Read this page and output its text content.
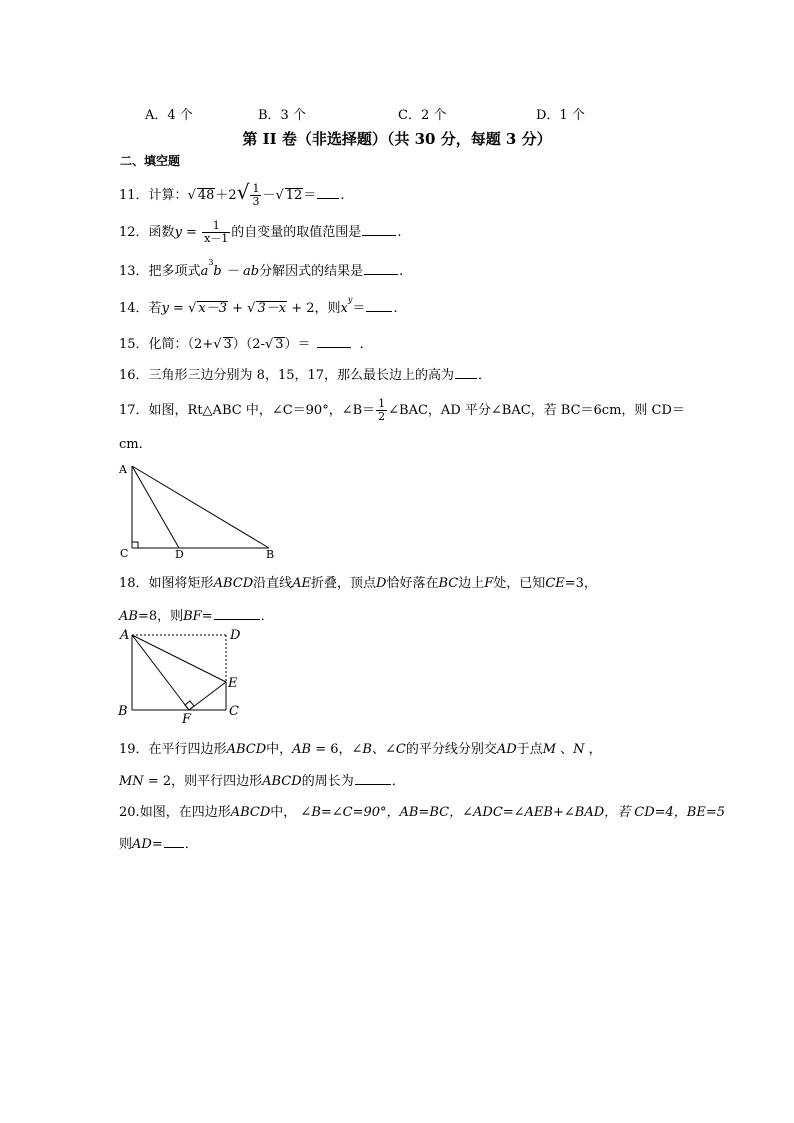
A．4 个	B．3 个	C．2 个	D．1 个
第 II 卷（非选择题）（共 30 分，每题 3 分）
二、填空题
11．计算：√ $48+2√ \frac{1}{3}$ －√ 12＝ .
12．函数$y = \frac{1}{x-1}$ 的自变量的取值范围是	.
13．把多项式$a^3b$ － ab分解因式的结果是	.
14．若y = √ x－3 + √ 3－x + 2，则$x^y=$ .
15．化简：（2+√ 3）（2-√ 3）＝	．
16．三角形三边分别为 8，15，17，那么最长边上的高为 ．
17．如图，Rt△ABC 中，∠C＝90°，∠B＝ $\frac{1}{2}$ ∠BAC，AD 平分∠BAC，若 BC＝6cm，则 CD＝
cm.
A
C	D	B
18．如图将矩形ABCD沿直线AE折叠，顶点D恰好落在BC边上F处，已知CE=3，
AB=8，则BF=	．
A	D
E
B
F
C
19．在平行四边形ABCD中，AB = 6，∠B、∠C的平分线分别交AD于点M 、N ，
MN = 2，则平行四边形ABCD的周长为	．
20.如图，在四边形ABCD中， ∠B=∠C=90°，AB=BC，∠ADC=∠AEB+∠BAD，若 CD=4，BE=5
则AD= ．
